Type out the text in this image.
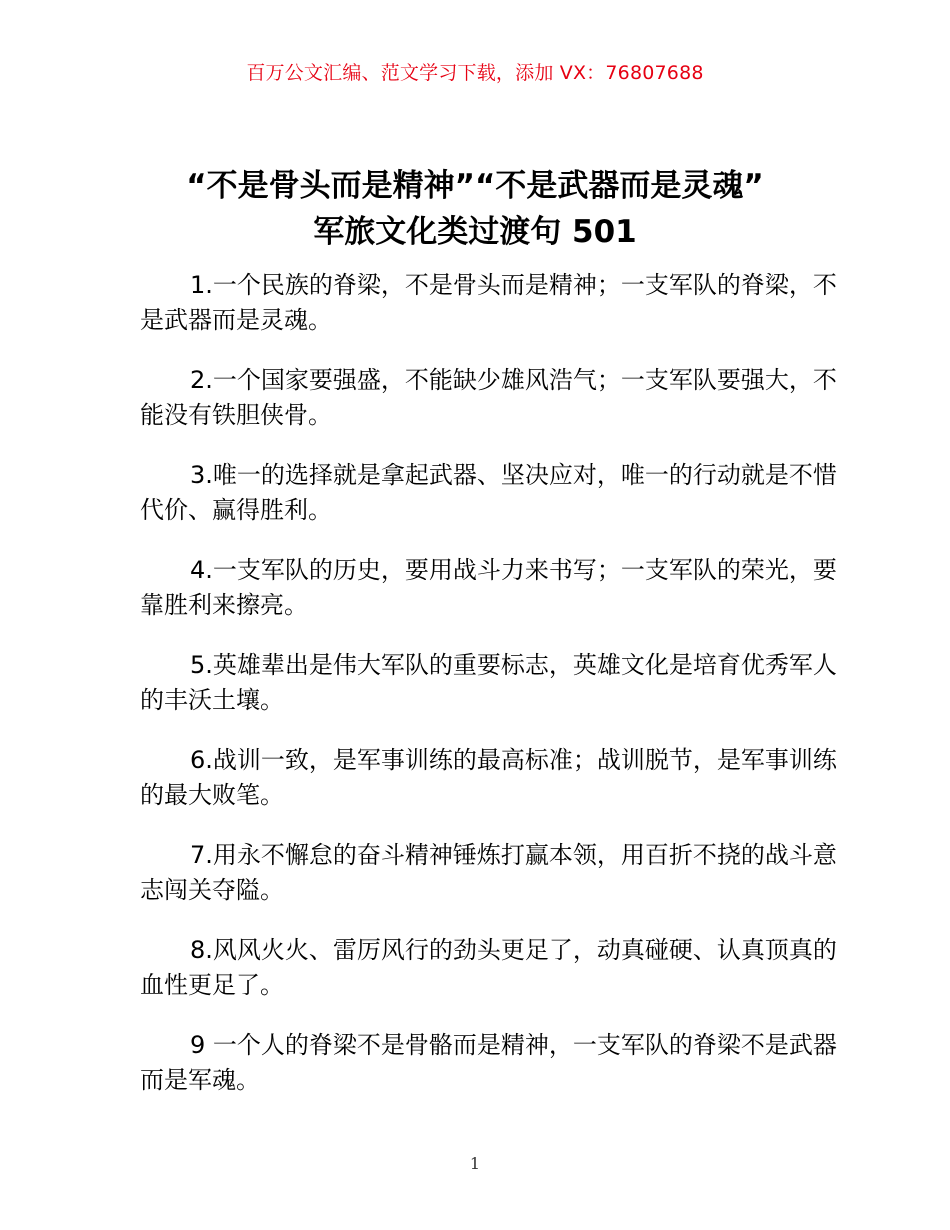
百万公文汇编、范文学习下载，添加 VX：76807688
“不是骨头而是精神”“不是武器而是灵魂”
军旅文化类过渡句 501

1.一个民族的脊梁，不是骨头而是精神；一支军队的脊梁，不是武器而是灵魂。

2.一个国家要强盛，不能缺少雄风浩气；一支军队要强大，不能没有铁胆侠骨。

3.唯一的选择就是拿起武器、坚决应对，唯一的行动就是不惜代价、赢得胜利。

4.一支军队的历史，要用战斗力来书写；一支军队的荣光，要靠胜利来擦亮。

5.英雄辈出是伟大军队的重要标志，英雄文化是培育优秀军人的丰沃土壤。

6.战训一致，是军事训练的最高标准；战训脱节，是军事训练的最大败笔。

7.用永不懈怠的奋斗精神锤炼打赢本领，用百折不挠的战斗意志闯关夺隘。

8.风风火火、雷厉风行的劲头更足了，动真碰硬、认真顶真的血性更足了。

9 一个人的脊梁不是骨骼而是精神，一支军队的脊梁不是武器而是军魂。

1
